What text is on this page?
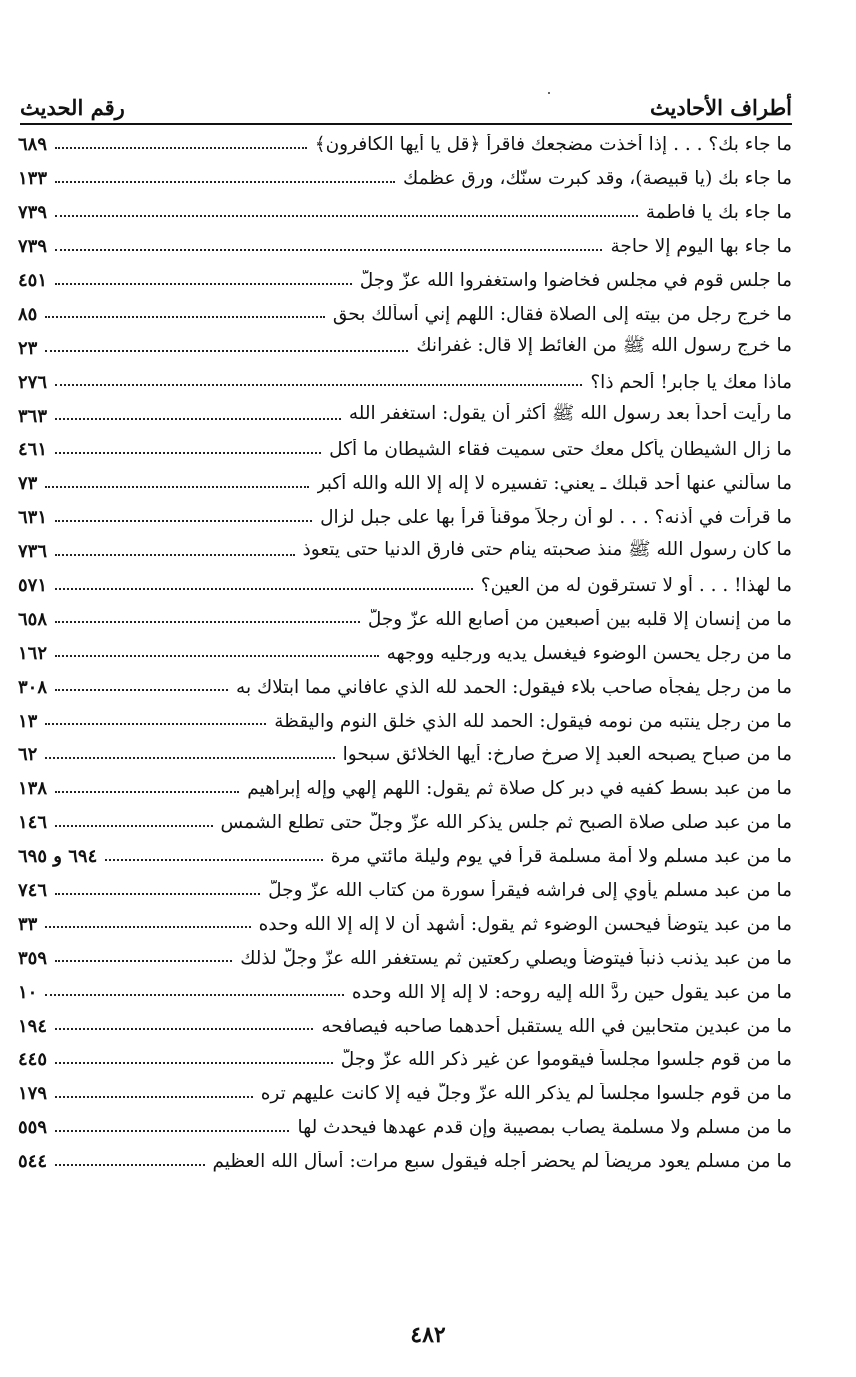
أطراف الأحاديث
رقم الحديث
ما جاء بك؟ . . . إذا أخذت مضجعك فاقرأ ﴿قل يا أيها الكافرون﴾
٦٨٩
ما جاء بك (يا قبيصة)، وقد كبرت سنّك، ورق عظمك
١٣٣
ما جاء بك يا فاطمة
٧٣٩
ما جاء بها اليوم إلا حاجة
٧٣٩
ما جلس قوم في مجلس فخاضوا واستغفروا الله عزّ وجلّ
٤٥١
ما خرج رجل من بيته إلى الصلاة فقال: اللهم إني أسألك بحق
٨٥
ما خرج رسول الله ﷺ من الغائط إلا قال: غفرانك
٢٣
ماذا معك يا جابر! ألحم ذا؟
٢٧٦
ما رأيت أحداً بعد رسول الله ﷺ أكثر أن يقول: استغفر الله
٣٦٣
ما زال الشيطان يأكل معك حتى سميت فقاء الشيطان ما أكل
٤٦١
ما سألني عنها أحد قبلك ـ يعني: تفسيره لا إله إلا الله والله أكبر
٧٣
ما قرأت في أذنه؟ . . . لو أن رجلاً موقناً قرأ بها على جبل لزال
٦٣١
ما كان رسول الله ﷺ منذ صحبته ينام حتى فارق الدنيا حتى يتعوذ
٧٣٦
ما لهذا! . . . أو لا تسترقون له من العين؟
٥٧١
ما من إنسان إلا قلبه بين أصبعين من أصابع الله عزّ وجلّ
٦٥٨
ما من رجل يحسن الوضوء فيغسل يديه ورجليه ووجهه
١٦٢
ما من رجل يفجأه صاحب بلاء فيقول: الحمد لله الذي عافاني مما ابتلاك به
٣٠٨
ما من رجل ينتبه من نومه فيقول: الحمد لله الذي خلق النوم واليقظة
١٣
ما من صباح يصبحه العبد إلا صرخ صارخ: أيها الخلائق سبحوا
٦٢
ما من عبد بسط كفيه في دبر كل صلاة ثم يقول: اللهم إلهي وإله إبراهيم
١٣٨
ما من عبد صلى صلاة الصبح ثم جلس يذكر الله عزّ وجلّ حتى تطلع الشمس
١٤٦
ما من عبد مسلم ولا أمة مسلمة قرأ في يوم وليلة مائتي مرة
٦٩٤ و ٦٩٥
ما من عبد مسلم يأوي إلى فراشه فيقرأ سورة من كتاب الله عزّ وجلّ
٧٤٦
ما من عبد يتوضأ فيحسن الوضوء ثم يقول: أشهد أن لا إله إلا الله وحده
٣٣
ما من عبد يذنب ذنباً فيتوضأ ويصلي ركعتين ثم يستغفر الله عزّ وجلّ لذلك
٣٥٩
ما من عبد يقول حين ردَّ الله إليه روحه: لا إله إلا الله وحده
١٠
ما من عبدين متحابين في الله يستقبل أحدهما صاحبه فيصافحه
١٩٤
ما من قوم جلسوا مجلساً فيقوموا عن غير ذكر الله عزّ وجلّ
٤٤٥
ما من قوم جلسوا مجلساً لم يذكر الله عزّ وجلّ فيه إلا كانت عليهم تره
١٧٩
ما من مسلم ولا مسلمة يصاب بمصيبة وإن قدم عهدها فيحدث لها
٥٥٩
ما من مسلم يعود مريضاً لم يحضر أجله فيقول سبع مرات: أسأل الله العظيم
٥٤٤
٤٨٢
